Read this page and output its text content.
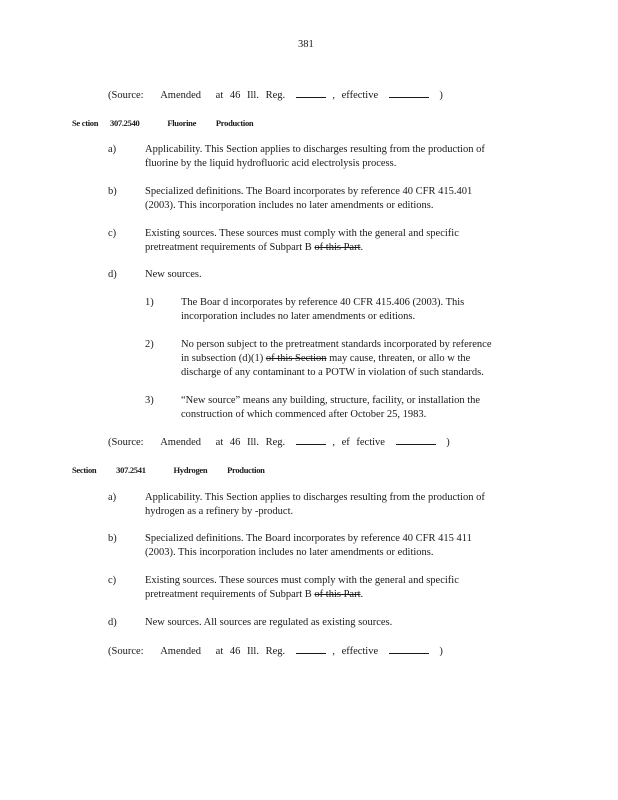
381
(Source: Amended at 46 Ill. Reg.	, effective	)
Se ction 307.2540	Fluorine Production
a)	Applicability. This Section applies to discharges resulting from the production of
fluorine by the liquid hydrofluoric acid electrolysis process.
b)	Specialized definitions. The Board incorporates by reference 40 CFR 415.401
(2003). This incorporation includes no later amendments or editions.
c)	Existing sources. These sources must comply with the general and specific
pretreatment requirements of Subpart B of this Part.
d)	New sources.
1)	The Boar d incorporates by reference 40 CFR 415.406 (2003). This
incorporation includes no later amendments or editions.
2)	No person subject to the pretreatment standards incorporated by reference
in subsection (d)(1) of this Section may cause, threaten, or allo w the
discharge of any contaminant to a POTW in violation of such standards.
3)	“New source” means any building, structure, facility, or installation the
construction of which commenced after October 25, 1983.
(Source: Amended at 46 Ill. Reg.	, ef fective	)
Section 307.2541	Hydrogen Production
a)	Applicability. This Section applies to discharges resulting from the production of
hydrogen as a refinery by -product.
b)	Specialized definitions. The Board incorporates by reference 40 CFR 415 411
(2003). This incorporation includes no later amendments or editions.
c)	Existing sources. These sources must comply with the general and specific
pretreatment requirements of Subpart B of this Part.
d)	New sources. All sources are regulated as existing sources.
(Source: Amended at 46 Ill. Reg.	, effective	)
